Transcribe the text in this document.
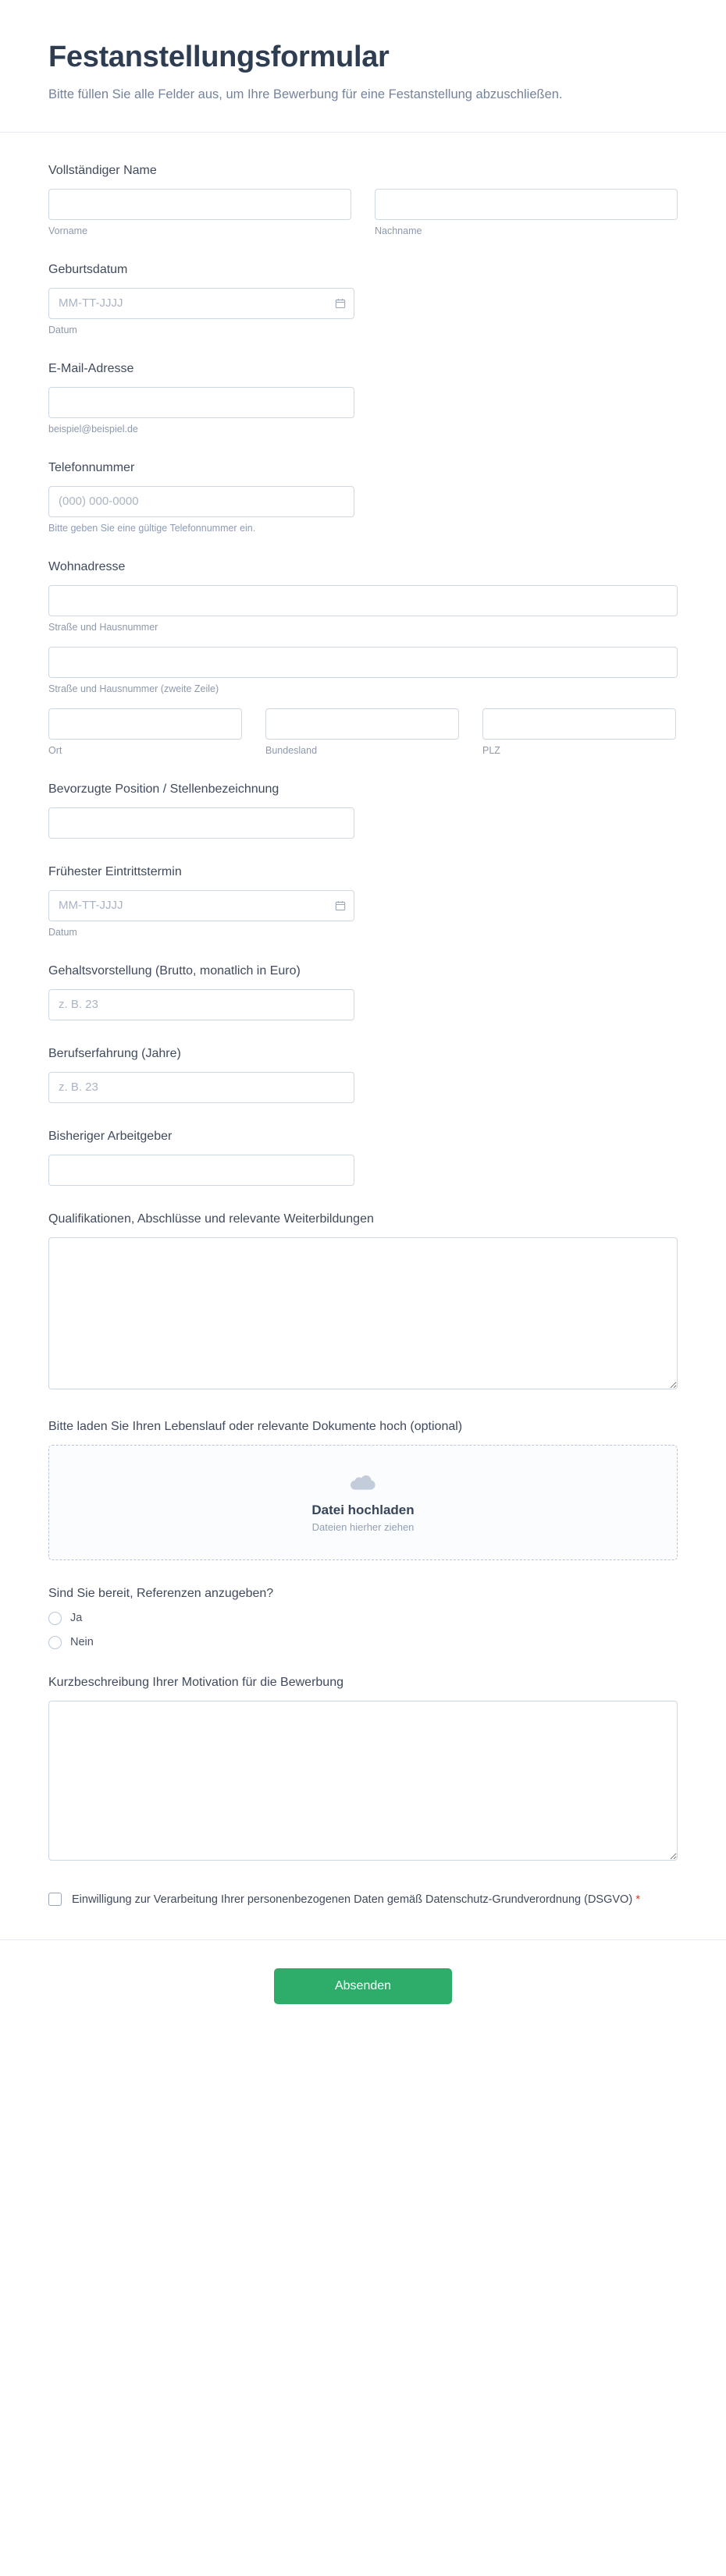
Festanstellungsformular

Bitte füllen Sie alle Felder aus, um Ihre Bewerbung für eine Festanstellung abzuschließen.

Vollständiger Name
Vorname	Nachname
Geburtsdatum
MM-TT-JJJJ
Datum
E-Mail-Adresse
beispiel@beispiel.de
Telefonnummer
(000) 000-0000
Bitte geben Sie eine gültige Telefonnummer ein.
Wohnadresse
Straße und Hausnummer
Straße und Hausnummer (zweite Zeile)
Ort	Bundesland	PLZ
Bevorzugte Position / Stellenbezeichnung
Frühester Eintrittstermin
MM-TT-JJJJ
Datum
Gehaltsvorstellung (Brutto, monatlich in Euro)
z. B. 23
Berufserfahrung (Jahre)
z. B. 23
Bisheriger Arbeitgeber
Qualifikationen, Abschlüsse und relevante Weiterbildungen
Bitte laden Sie Ihren Lebenslauf oder relevante Dokumente hoch (optional)
Datei hochladen
Dateien hierher ziehen
Sind Sie bereit, Referenzen anzugeben?
Ja
Nein
Kurzbeschreibung Ihrer Motivation für die Bewerbung
Einwilligung zur Verarbeitung Ihrer personenbezogenen Daten gemäß Datenschutz-Grundverordnung (DSGVO) *
Absenden
